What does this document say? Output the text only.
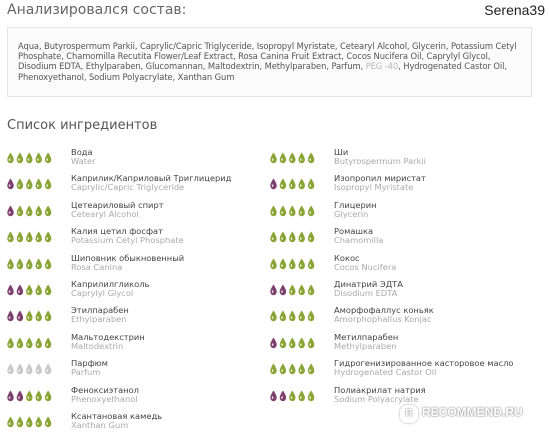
Анализировался состав:	Serena39
Aqua, Butyrospermum Parkii, Caprylic/Capric Triglyceride, Isopropyl Myristate, Cetearyl Alcohol, Glycerin, Potassium Cetyl Phosphate, Chamomilla Recutita Flower/Leaf Extract, Rosa Canina Fruit Extract, Cocos Nucifera Oil, Caprylyl Glycol, Disodium EDTA, Ethylparaben, Glucomannan, Maltodextrin, Methylparaben, Parfum, PEG -40, Hydrogenated Castor Oil, Phenoxyethanol, Sodium Polyacrylate, Xanthan Gum
Список ингредиентов
Вода
Water
Ши
Butyrospermum Parkii
Каприлик/Каприловый Триглицерид
Caprylic/Capric Triglyceride
Изопропил миристат
Isopropyl Myristate
Цетеариловый спирт
Cetearyl Alcohol
Глицерин
Glycerin
Калия цетил фосфат
Potassium Cetyl Phosphate
Ромашка
Chamomilla
Шиповник обыкновенный
Rosa Canina
Кокос
Cocos Nucifera
Каприлилгликоль
Caprylyl Glycol
Динатрий ЭДТА
Disodium EDTA
Этилпарабен
Ethylparaben
Аморфофаллус коньяк
Amorphophallus Konjac
Мальтодекстрин
Maltodextrin
Метилпарабен
Methylparaben
Парфюм
Parfum
Гидрогенизированное касторовое масло
Hydrogenated Castor Oil
Феноксиэтанол
Phenoxyethanol
Полиакрилат натрия
Sodium Polyacrylate
Ксантановая камедь
Xanthan Gum
R RECOMMEND.RU
